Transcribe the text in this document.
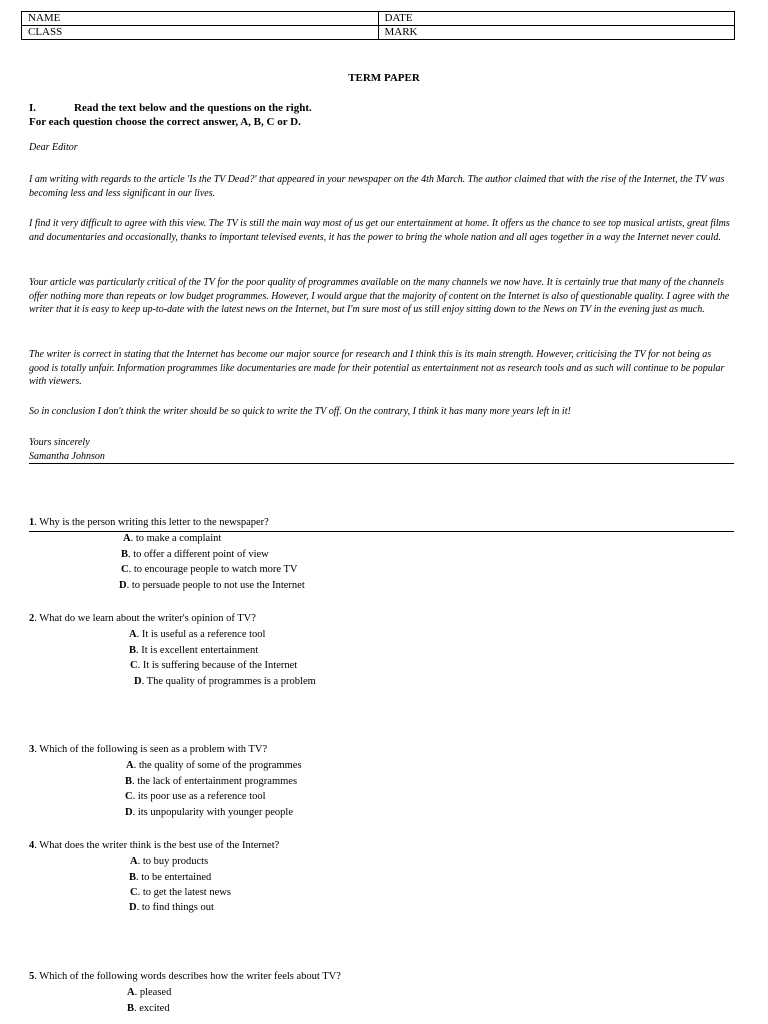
NAME	DATE
CLASS	MARK
TERM PAPER
I.	Read the text below and the questions on the right.
For each question choose the correct answer, A, B, C or D.
Dear Editor
I am writing with regards to the article 'Is the TV Dead?' that appeared in your newspaper on the 4th March. The author claimed that with the rise of the Internet, the TV was becoming less and less significant in our lives.
I find it very difficult to agree with this view. The TV is still the main way most of us get our entertainment at home. It offers us the chance to see top musical artists, great films and documentaries and occasionally, thanks to important televised events, it has the power to bring the whole nation and all ages together in a way the Internet never could.
Your article was particularly critical of the TV for the poor quality of programmes available on the many channels we now have. It is certainly true that many of the channels offer nothing more than repeats or low budget programmes. However, I would argue that the majority of content on the Internet is also of questionable quality. I agree with the writer that it is easy to keep up-to-date with the latest news on the Internet, but I'm sure most of us still enjoy sitting down to the News on TV in the evening just as much.
The writer is correct in stating that the Internet has become our major source for research and I think this is its main strength. However, criticising the TV for not being as good is totally unfair. Information programmes like documentaries are made for their potential as entertainment not as research tools and as such will continue to be popular with viewers.
So in conclusion I don't think the writer should be so quick to write the TV off. On the contrary, I think it has many more years left in it!
Yours sincerely
Samantha Johnson
1. Why is the person writing this letter to the newspaper?
A. to make a complaint
B. to offer a different point of view
C. to encourage people to watch more TV
D. to persuade people to not use the Internet
2. What do we learn about the writer's opinion of TV?
A. It is useful as a reference tool
B. It is excellent entertainment
C. It is suffering because of the Internet
D. The quality of programmes is a problem
3. Which of the following is seen as a problem with TV?
A. the quality of some of the programmes
B. the lack of entertainment programmes
C. its poor use as a reference tool
D. its unpopularity with younger people
4. What does the writer think is the best use of the Internet?
A. to buy products
B. to be entertained
C. to get the latest news
D. to find things out
5. Which of the following words describes how the writer feels about TV?
A. pleased
B. excited
